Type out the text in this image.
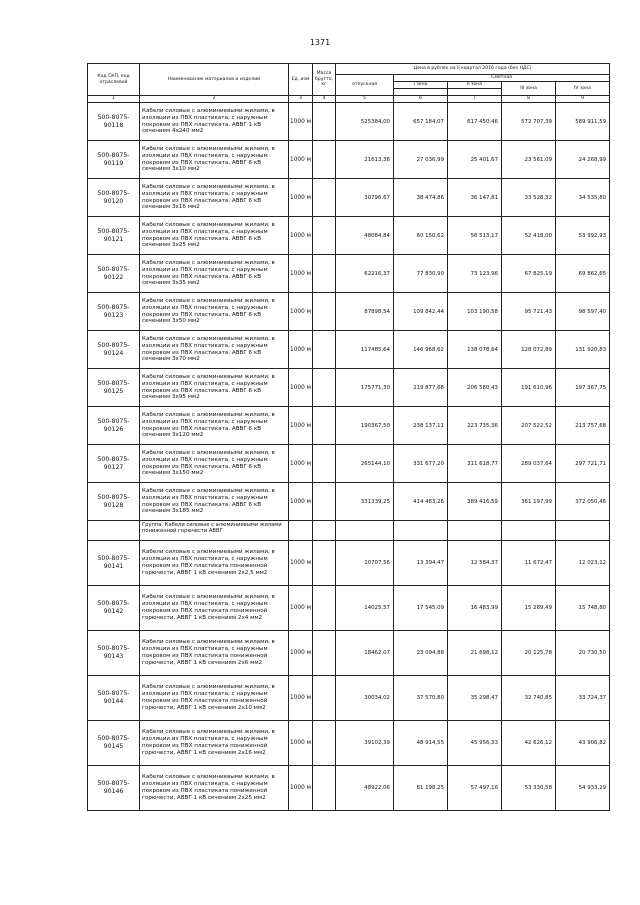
1371
Код СКП, код отраслевой	Наименование материалов и изделий	Ед. изм	Масса брутто, кг	Цена в рублях на II квартал 2016 года (без НДС)				
				отпускная	Сметная			
					I зона	II зона	III зона	IV зона

1	2	3	4	5	6	7	8	9
500-8075-90118	Кабели силовые с алюминиевыми жилами, в изоляции из ПВХ пластиката, с наружным покровом из ПВХ пластиката. АВВГ 1 кВ сечением 4х240 мм2	1000 м		525384,00	657 184,07	617 450,46	572 707,39	589 911,59
500-8075-90119	Кабели силовые с алюминиевыми жилами, в изоляции из ПВХ пластиката, с наружным покровом из ПВХ пластиката. АВВГ 6 кВ сечением 3х10 мм2	1000 м		21613,36	27 036,99	25 401,67	23 561,09	24 268,99
500-8075-90120	Кабели силовые с алюминиевыми жилами, в изоляции из ПВХ пластиката, с наружным покровом из ПВХ пластиката. АВВГ 6 кВ сечением 3х16 мм2	1000 м		30796,67	38 474,86	36 147,81	33 528,32	34 535,80
500-8075-90121	Кабели силовые с алюминиевыми жилами, в изоляции из ПВХ пластиката, с наружным покровом из ПВХ пластиката. АВВГ 6 кВ сечением 3х25 мм2	1000 м		48084,84	60 150,62	56 513,17	52 418,00	53 992,93
500-8075-90122	Кабели силовые с алюминиевыми жилами, в изоляции из ПВХ пластиката, с наружным покровом из ПВХ пластиката. АВВГ 6 кВ сечением 3х35 мм2	1000 м		62216,37	77 830,90	73 123,96	67 825,19	69 862,65
500-8075-90123	Кабели силовые с алюминиевыми жилами, в изоляции из ПВХ пластиката, с наружным покровом из ПВХ пластиката. АВВГ 6 кВ сечением 3х50 мм2	1000 м		87898,54	109 842,44	103 190,58	95 721,43	98 597,40
500-8075-90124	Кабели силовые с алюминиевыми жилами, в изоляции из ПВХ пластиката, с наружным покровом из ПВХ пластиката. АВВГ 6 кВ сечением 3х70 мм2	1000 м		117485,64	146 968,62	138 078,64	128 072,89	131 920,83
500-8075-90125	Кабели силовые с алюминиевыми жилами, в изоляции из ПВХ пластиката, с наружным покровом из ПВХ пластиката. АВВГ 6 кВ сечением 3х95 мм2	1000 м		175771,30	219 877,68	206 580,43	191 610,96	197 367,75
500-8075-90126	Кабели силовые с алюминиевыми жилами, в изоляции из ПВХ пластиката, с наружным покровом из ПВХ пластиката. АВВГ 6 кВ сечением 3х120 мм2	1000 м		190367,50	238 137,11	223 735,36	207 522,52	213 757,68
500-8075-90127	Кабели силовые с алюминиевыми жилами, в изоляции из ПВХ пластиката, с наружным покровом из ПВХ пластиката. АВВГ 6 кВ сечением 3х150 мм2	1000 м		265144,10	331 677,20	311 618,77	289 037,64	297 721,71
500-8075-90128	Кабели силовые с алюминиевыми жилами, в изоляции из ПВХ пластиката, с наружным покровом из ПВХ пластиката. АВВГ 6 кВ сечением 3х185 мм2	1000 м		331339,25	414 483,26	389 416,59	361 197,99	372 050,46
	Группа. Кабели силовые с алюминиевыми жилами пониженной горючести АВВГ							
500-8075-90141	Кабели силовые с алюминиевыми жилами, в изоляции из ПВХ пластиката, с наружным покровом из ПВХ пластиката пониженной горючести, АВВГ 1 кВ сечением 2х2,5 мм2	1000 м		10707,56	13 394,47	12 584,37	11 672,47	12 023,12
500-8075-90142	Кабели силовые с алюминиевыми жилами, в изоляции из ПВХ пластиката, с наружным покровом из ПВХ пластиката пониженной горючести, АВВГ 1 кВ сечением 2х4 мм2	1000 м		14025,57	17 545,09	16 483,99	15 289,49	15 748,80
500-8075-90143	Кабели силовые с алюминиевыми жилами, в изоляции из ПВХ пластиката, с наружным покровом из ПВХ пластиката пониженной горючести, АВВГ 1 кВ сечением 2х6 мм2	1000 м		18462,07	23 094,88	21 698,12	20 125,78	20 730,50
500-8075-90144	Кабели силовые с алюминиевыми жилами, в изоляции из ПВХ пластиката, с наружным покровом из ПВХ пластиката пониженной горючести, АВВГ 1 кВ сечением 2х10 мм2	1000 м		30034,02	37 570,80	35 298,47	32 740,85	33 724,37
500-8075-90145	Кабели силовые с алюминиевыми жилами, в изоляции из ПВХ пластиката, с наружным покровом из ПВХ пластиката пониженной горючести, АВВГ 1 кВ сечением 2х16 мм2	1000 м		39102,39	48 914,55	45 956,33	42 626,12	43 906,82
500-8075-90146	Кабели силовые с алюминиевыми жилами, в изоляции из ПВХ пластиката, с наружным покровом из ПВХ пластиката пониженной горючести, АВВГ 1 кВ сечением 2х25 мм2	1000 м		48922,06	61 198,25	57 497,16	53 330,58	54 933,29
